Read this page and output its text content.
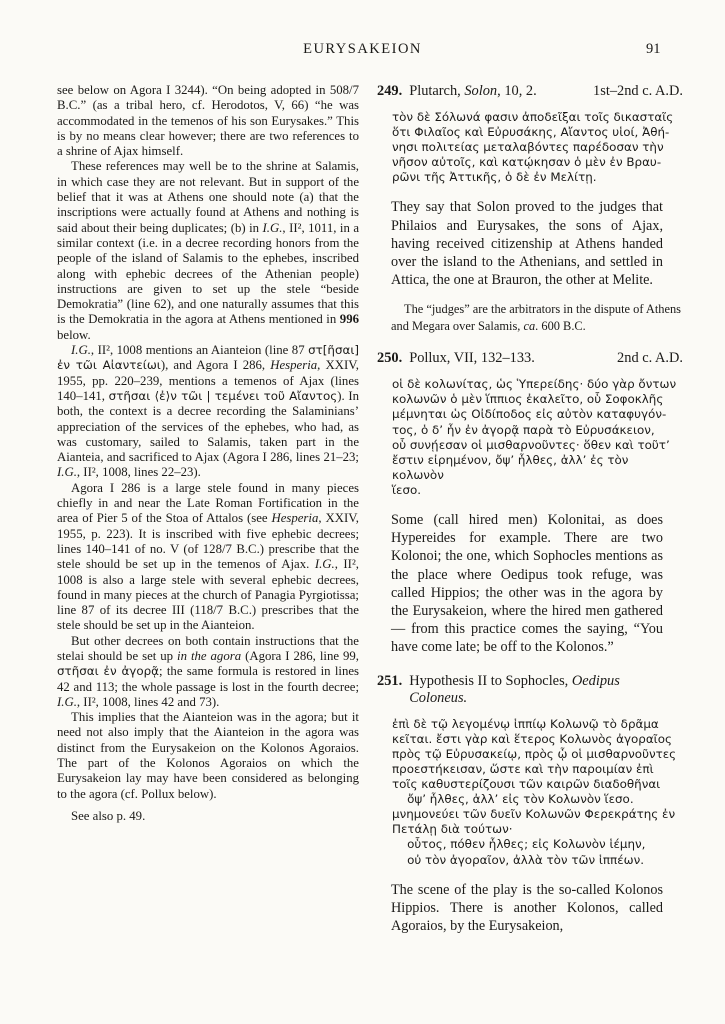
EURYSAKEION	91

see below on Agora I 3244). “On being adopted in 508/7 B.C.” (as a tribal hero, cf. Herodotos, V, 66) “he was accommodated in the temenos of his son Eurysakes.” This is by no means clear however; there are two references to a shrine of Ajax himself.

These references may well be to the shrine at Salamis, in which case they are not relevant. But in support of the belief that it was at Athens one should note (a) that the inscriptions were actually found at Athens and nothing is said about their being duplicates; (b) in I.G., II², 1011, in a similar context (i.e. in a decree recording honors from the people of the island of Salamis to the ephebes, inscribed along with ephebic decrees of the Athenian people) instructions are given to set up the stele “beside Demokratia” (line 62), and one naturally assumes that this is the Demokratia in the agora at Athens mentioned in 996 below.

I.G., II², 1008 mentions an Aianteion (line 87 στ[ῆσαι] ἐν τῶι Αἰαντείωι), and Agora I 286, Hesperia, XXIV, 1955, pp. 220–239, mentions a temenos of Ajax (lines 140–141, στῆσαι ⟨ἐ⟩ν τῶι | τεμένει τοῦ Αἴαντος). In both, the context is a decree recording the Salaminians’ appreciation of the services of the ephebes, who had, as was customary, sailed to Salamis, taken part in the Aianteia, and sacrificed to Ajax (Agora I 286, lines 21–23; I.G., II², 1008, lines 22–23).

Agora I 286 is a large stele found in many pieces chiefly in and near the Late Roman Fortification in the area of Pier 5 of the Stoa of Attalos (see Hesperia, XXIV, 1955, p. 223). It is inscribed with five ephebic decrees; lines 140–141 of no. V (of 128/7 B.C.) prescribe that the stele should be set up in the temenos of Ajax. I.G., II², 1008 is also a large stele with several ephebic decrees, found in many pieces at the church of Panagia Pyrgiotissa; line 87 of its decree III (118/7 B.C.) prescribes that the stele should be set up in the Aianteion.

But other decrees on both contain instructions that the stelai should be set up in the agora (Agora I 286, line 99, στῆσαι ἐν ἀγορᾷ; the same formula is restored in lines 42 and 113; the whole passage is lost in the fourth decree; I.G., II², 1008, lines 42 and 73).

This implies that the Aianteion was in the agora; but it need not also imply that the Aianteion in the agora was distinct from the Eurysakeion on the Kolonos Agoraios. The part of the Kolonos Agoraios on which the Eurysakeion lay may have been considered as belonging to the agora (cf. Pollux below).

See also p. 49.

249. Plutarch, Solon, 10, 2.	1st–2nd c. A.D.
τὸν δὲ Σόλωνά φασιν ἀποδεῖξαι τοῖς δικασταῖς
ὅτι Φιλαῖος καὶ Εὐρυσάκης, Αἴαντος υἱοί, Ἀθή-
νησι πολιτείας μεταλαβόντες παρέδοσαν τὴν
νῆσον αὐτοῖς, καὶ κατῴκησαν ὁ μὲν ἐν Βραυ-
ρῶνι τῆς Ἀττικῆς, ὁ δὲ ἐν Μελίτῃ.

They say that Solon proved to the judges that Philaios and Eurysakes, the sons of Ajax, having received citizenship at Athens handed over the island to the Athenians, and settled in Attica, the one at Brauron, the other at Melite.

The “judges” are the arbitrators in the dispute of Athens and Megara over Salamis, ca. 600 B.C.

250. Pollux, VII, 132–133.	2nd c. A.D.
οἱ δὲ κολωνίτας, ὡς Ὑπερείδης· δύο γὰρ ὄντων
κολωνῶν ὁ μὲν ἵππιος ἐκαλεῖτο, οὗ Σοφοκλῆς
μέμνηται ὡς Οἰδίποδος εἰς αὐτὸν καταφυγόν-
τος, ὁ δ’ ἦν ἐν ἀγορᾷ παρὰ τὸ Εὐρυσάκειον,
οὗ συνῄεσαν οἱ μισθαρνοῦντες· ὅθεν καὶ τοῦτ’
ἔστιν εἰρημένον, ὄψ’ ἦλθες, ἀλλ’ ἐς τὸν κολωνὸν
ἵεσο.

Some (call hired men) Kolonitai, as does Hypereides for example. There are two Kolonoi; the one, which Sophocles mentions as the place where Oedipus took refuge, was called Hippios; the other was in the agora by the Eurysakeion, where the hired men gathered — from this practice comes the saying, “You have come late; be off to the Kolonos.”

251. Hypothesis II to Sophocles, Oedipus Coloneus.
ἐπὶ δὲ τῷ λεγομένῳ ἱππίῳ Κολωνῷ τὸ δρᾶμα
κεῖται. ἔστι γὰρ καὶ ἕτερος Κολωνὸς ἀγοραῖος
πρὸς τῷ Εὐρυσακείῳ, πρὸς ᾧ οἱ μισθαρνοῦντες
προεστήκεισαν, ὥστε καὶ τὴν παροιμίαν ἐπὶ
τοῖς καθυστερίζουσι τῶν καιρῶν διαδοθῆναι
ὄψ’ ἦλθες, ἀλλ’ εἰς τὸν Κολωνὸν ἵεσο.
μνημονεύει τῶν δυεῖν Κολωνῶν Φερεκράτης ἐν
Πετάλῃ διὰ τούτων·
οὗτος, πόθεν ἦλθες; εἰς Κολωνὸν ἱέμην,
οὐ τὸν ἀγοραῖον, ἀλλὰ τὸν τῶν ἱππέων.

The scene of the play is the so-called Kolonos Hippios. There is another Kolonos, called Agoraios, by the Eurysakeion,
